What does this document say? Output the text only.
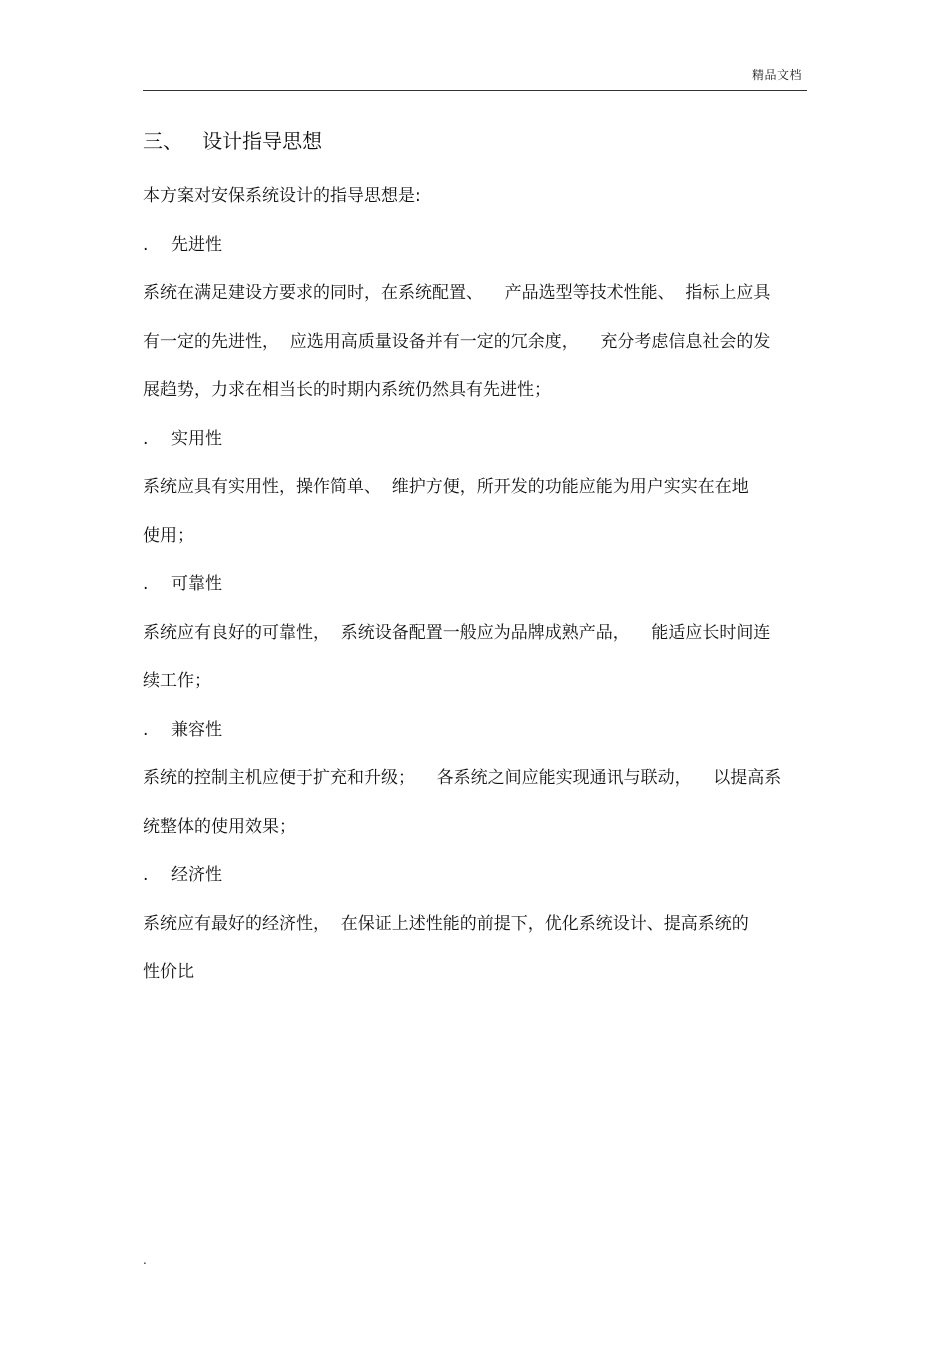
精品文档
三、   设计指导思想

本方案对安保系统设计的指导思想是:

. 先进性

系统在满足建设方要求的同时，在系统配置、    产品选型等技术性能、  指标上应具

有一定的先进性，  应选用高质量设备并有一定的冗余度，    充分考虑信息社会的发

展趋势，力求在相当长的时期内系统仍然具有先进性；

. 实用性

系统应具有实用性，操作简单、  维护方便，所开发的功能应能为用户实实在在地

使用；

. 可靠性

系统应有良好的可靠性，  系统设备配置一般应为品牌成熟产品，    能适应长时间连

续工作；

. 兼容性

系统的控制主机应便于扩充和升级；    各系统之间应能实现通讯与联动，    以提高系

统整体的使用效果；

. 经济性

系统应有最好的经济性，  在保证上述性能的前提下，优化系统设计、提高系统的

性价比

.
